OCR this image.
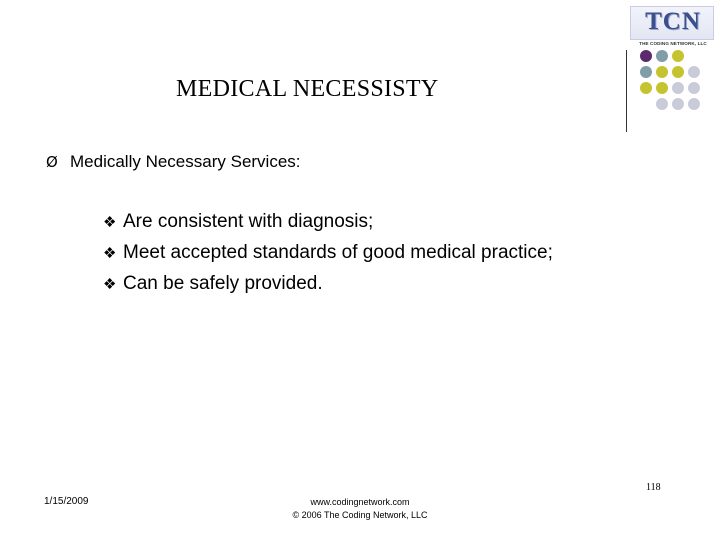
TCN
THE CODING NETWORK, LLC
MEDICAL NECESSISTY
Ø Medically Necessary Services:
❖ Are consistent with diagnosis;
❖ Meet accepted standards of good medical practice;
❖ Can be safely provided.
118
1/15/2009	www.codingnetwork.com
© 2006 The Coding Network, LLC
